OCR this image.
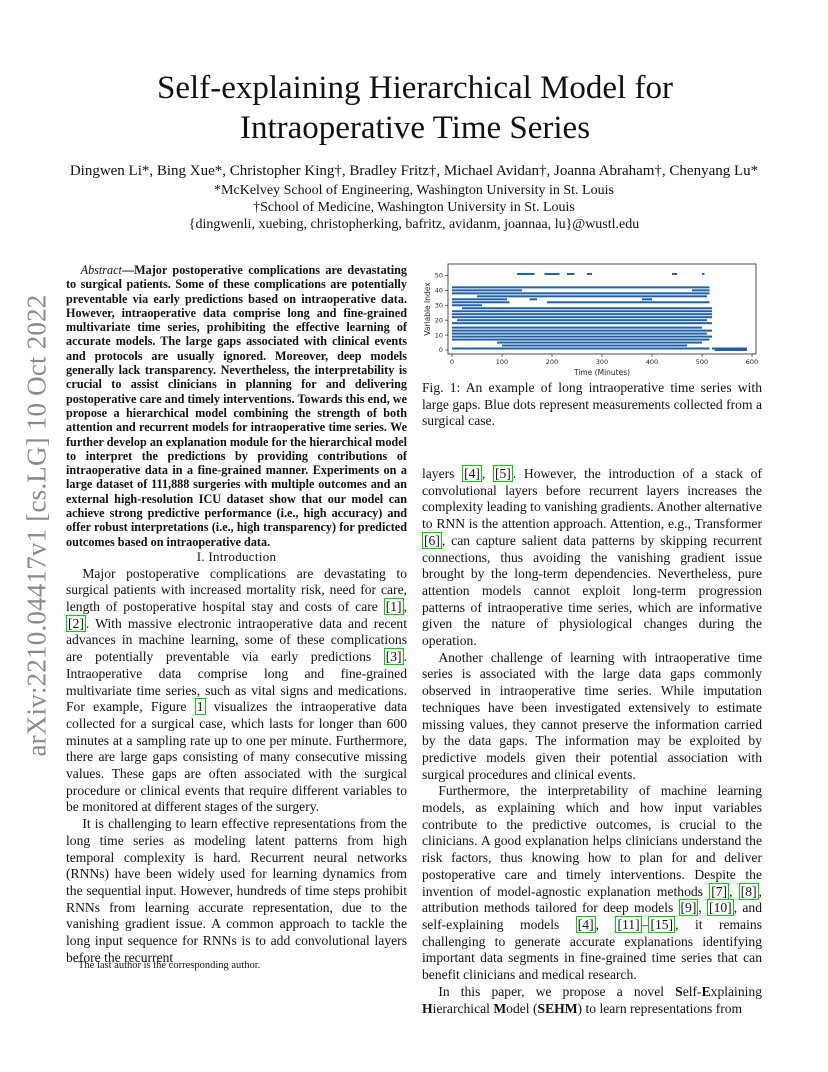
arXiv:2210.04417v1 [cs.LG] 10 Oct 2022
Self-explaining Hierarchical Model for Intraoperative Time Series
Dingwen Li*, Bing Xue*, Christopher King†, Bradley Fritz†, Michael Avidan†, Joanna Abraham†, Chenyang Lu*
*McKelvey School of Engineering, Washington University in St. Louis
†School of Medicine, Washington University in St. Louis
{dingwenli, xuebing, christopherking, bafritz, avidanm, joannaa, lu}@wustl.edu

Abstract—Major postoperative complications are devastating to surgical patients. Some of these complications are potentially preventable via early predictions based on intraoperative data. However, intraoperative data comprise long and fine-grained multivariate time series, prohibiting the effective learning of accurate models. The large gaps associated with clinical events and protocols are usually ignored. Moreover, deep models generally lack transparency. Nevertheless, the interpretability is crucial to assist clinicians in planning for and delivering postoperative care and timely interventions. Towards this end, we propose a hierarchical model combining the strength of both attention and recurrent models for intraoperative time series. We further develop an explanation module for the hierarchical model to interpret the predictions by providing contributions of intraoperative data in a fine-grained manner. Experiments on a large dataset of 111,888 surgeries with multiple outcomes and an external high-resolution ICU dataset show that our model can achieve strong predictive performance (i.e., high accuracy) and offer robust interpretations (i.e., high transparency) for predicted outcomes based on intraoperative data.

I. Introduction

Major postoperative complications are devastating to surgical patients with increased mortality risk, need for care, length of postoperative hospital stay and costs of care [1] , [2] . With massive electronic intraoperative data and recent advances in machine learning, some of these complications are potentially preventable via early predictions [3] . Intraoperative data comprise long and fine-grained multivariate time series, such as vital signs and medications. For example, Figure 1 visualizes the intraoperative data collected for a surgical case, which lasts for longer than 600 minutes at a sampling rate up to one per minute. Furthermore, there are large gaps consisting of many consecutive missing values. These gaps are often associated with the surgical procedure or clinical events that require different variables to be monitored at different stages of the surgery.

It is challenging to learn effective representations from the long time series as modeling latent patterns from high temporal complexity is hard. Recurrent neural networks (RNNs) have been widely used for learning dynamics from the sequential input. However, hundreds of time steps prohibit RNNs from learning accurate representation, due to the vanishing gradient issue. A common approach to tackle the long input sequence for RNNs is to add convolutional layers before the recurrent

The last author is the corresponding author.
0	100	200	300	400	500	600
0
10
20
30
40
50
Time (Minutes)
Variable Index
Fig. 1: An example of long intraoperative time series with large gaps. Blue dots represent measurements collected from a surgical case.

layers [4] , [5] . However, the introduction of a stack of convolutional layers before recurrent layers increases the complexity leading to vanishing gradients. Another alternative to RNN is the attention approach. Attention, e.g., Transformer [6] , can capture salient data patterns by skipping recurrent connections, thus avoiding the vanishing gradient issue brought by the long-term dependencies. Nevertheless, pure attention models cannot exploit long-term progression patterns of intraoperative time series, which are informative given the nature of physiological changes during the operation.

Another challenge of learning with intraoperative time series is associated with the large data gaps commonly observed in intraoperative time series. While imputation techniques have been investigated extensively to estimate missing values, they cannot preserve the information carried by the data gaps. The information may be exploited by predictive models given their potential association with surgical procedures and clinical events.

Furthermore, the interpretability of machine learning models, as explaining which and how input variables contribute to the predictive outcomes, is crucial to the clinicians. A good explanation helps clinicians understand the risk factors, thus knowing how to plan for and deliver postoperative care and timely interventions. Despite the invention of model-agnostic explanation methods [7] , [8] , attribution methods tailored for deep models [9] , [10] , and self-explaining models [4] , [11] – [15] , it remains challenging to generate accurate explanations identifying important data segments in fine-grained time series that can benefit clinicians and medical research.

In this paper, we propose a novel Self-Explaining Hierarchical Model (SEHM) to learn representations from
